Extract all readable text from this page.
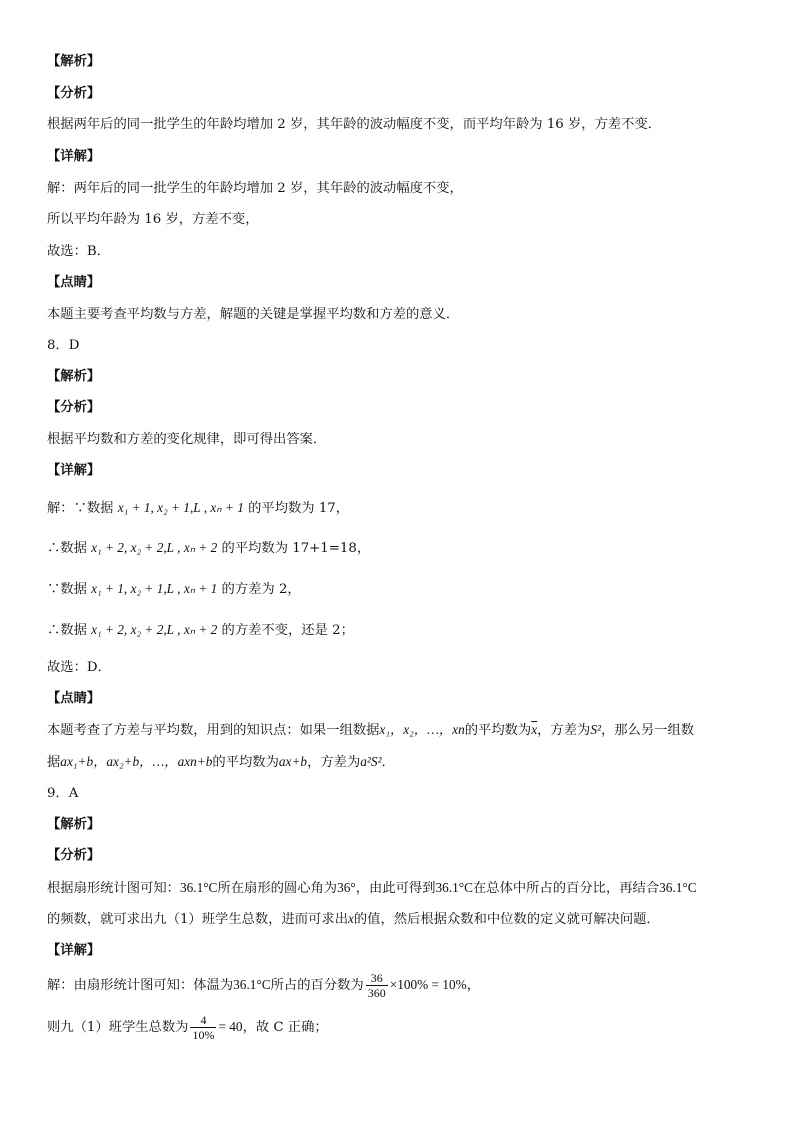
【解析】
【分析】
根据两年后的同一批学生的年龄均增加 2 岁，其年龄的波动幅度不变，而平均年龄为 16 岁，方差不变．
【详解】
解：两年后的同一批学生的年龄均增加 2 岁，其年龄的波动幅度不变，
所以平均年龄为 16 岁，方差不变，
故选：B．
【点睛】
本题主要考查平均数与方差，解题的关键是掌握平均数和方差的意义．
8．D
【解析】
【分析】
根据平均数和方差的变化规律，即可得出答案．
【详解】
解：∵数据 x₁ + 1, x₂ + 1,L , xₙ + 1 的平均数为 17，
∴数据 x₁ + 2, x₂ + 2,L , xₙ + 2 的平均数为 17+1=18，
∵数据 x₁ + 1, x₂ + 1,L , xₙ + 1 的方差为 2，
∴数据 x₁ + 2, x₂ + 2,L , xₙ + 2 的方差不变，还是 2；
故选：D．
【点睛】
本题考查了方差与平均数，用到的知识点：如果一组数据x₁，x₂，…，xn的平均数为$\overline{x}$，方差为S²，那么另一组数
据ax₁+b，ax₂+b，…，axn+b的平均数为ax+b，方差为a²S²．
9．A
【解析】
【分析】
根据扇形统计图可知：36.1°C所在扇形的圆心角为36°，由此可得到36.1°C在总体中所占的百分比，再结合36.1°C
的频数，就可求出九（1）班学生总数，进而可求出x的值，然后根据众数和中位数的定义就可解决问题．
【详解】
解：由扇形统计图可知：体温为36.1°C所占的百分数为 $\frac{36}{360} \times 100\% = 10\%$，
则九（1）班学生总数为 $\frac{4}{10\%} = 40$，故 C 正确；
